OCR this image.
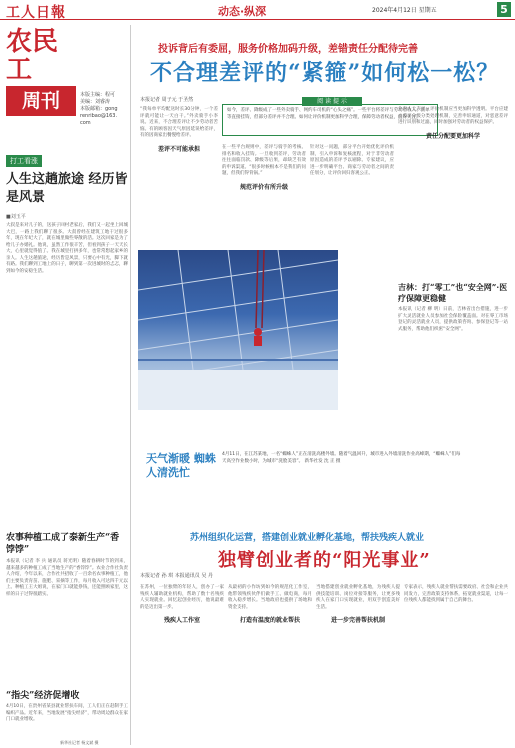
工人日報	动态·纵深	2024年4月12日 星期五	5
农民工
周刊	本版主编：程可
美编：刘睿涛
本版邮箱：gongrenribao@163.com
打工看涨
人生这趟旅途 经历皆是风景
■刘玉平
大叔是来对儿子的，送孩子回村老家后，我们又一起坐上回城大巴，一路上我们聊了很多。大叔曾经在建筑工地干过很多年，现在年纪大了，就在城里做些零散的活。这次回家是为了给儿子办婚礼。他说，虽然工作很辛苦，但看到孩子一天天长大，心里就觉得值了。我在城里打拼多年，也常常想起家乡的亲人。人生这趟旅途，经历皆是风景，只要心中有光，脚下就有路。我们聊到工地上的日子，聊到第一次进城时的忐忑，聊到如今的安稳生活。
农事种植工成了泰新生产“香饽饽”
本报讯（记者 李 兵 通讯员 蒋光明）随着春耕时节的到来，越来越多的种植工成了当地生产的“香饽饽”。农业合作社负责人介绍，今年以来，合作社共招收了一百余名农事种植工，他们主要负责育苗、施肥、采摘等工作，每月收入可达四千元以上。种植工王大姐说，在家门口就能挣钱，还能照顾家里，这样的日子过得很踏实。
“指尖”经济促增收
4月10日，在贵州省某县就业帮扶车间，工人们正在赶制手工编织产品。近年来，当地发展“指尖经济”，带动周边群众在家门口就业增收。
新华社记者 杨文斌 摄
投诉背后有委屈，服务价格加码升级，差错责任分配待完善
不合理差评的“紧箍”如何松一松？
本报记者 周子元 于圣然
如今，差评、降级成了一些外卖骑手、网约车司机的“心头之痛”。一些平台将差评与劳动者收入、派单等直接挂钩，但部分差评并不合理。如何让评价机制更加科学合理，保障劳动者权益，值得关注。
阅 读 提 示
“我每单平均配送时长30分钟，一个差评就可能让一天白干。”外卖骑手小李说。近来，不合理差评让不少劳动者苦恼。有的顾客因天气原因延误给差评，有的因商家出餐慢给差评。
差评不可能承担	在一些平台规则中，差评与骑手的考核、排名和收入挂钩。一旦收到差评，劳动者往往面临罚款、降级等后果，却缺乏有效的申诉渠道。“很多时候根本不是我们的问题，但我们得背锅。”
规范评价有所升级
针对这一问题，部分平台开始优化评价机制，引入申诉和复核流程，对于非劳动者原因造成的差评予以剔除。专家建议，应进一步明确平台、商家与劳动者之间的责任划分，让评价回归客观公正。
业内人士表示，评价机制应当更加科学透明。平台应建立差评分级分类处理机制，完善申诉通道，对恶意差评进行识别和过滤，同时加强对劳动者的权益保护。
责任分配要更加科学
天气渐暖 蜘蛛人清洗忙
4月11日，在江苏某地，一名“蜘蛛人”正在清洗高楼外墙。随着气温回升，城市进入外墙清洗作业高峰期，“蜘蛛人”们每天高空作业数小时，为城市“洗脸美容”。 新华社发 沈 正 摄
吉林：打“零工”也“安全网”·医疗保障更稳健
本报讯（记者 柳 明）日前，吉林省出台措施，进一步扩大灵活就业人员参加社会保险覆盖面。对在零工市场登记的灵活就业人员，提供政策咨询、参保登记等一站式服务，帮助他们织密“安全网”。
苏州组织化运营，搭建创业就业孵化基地，帮扶残疾人就业
独臂创业者的“阳光事业”
本报记者 孙 琪 本报通讯员 吴 丹
在苏州，一位独臂的年轻人，创办了一家残疾人辅助就业机构，帮助了数十名残疾人实现就业。回忆起创业经历，他说最难的是迈出第一步。
残疾人工作室
从最初的小作坊到如今的规范化工作室，他带领残疾伙伴们做手工、做电商，每月收入稳步增长。当地政府也提供了场地和资金支持。
打造有温度的就业帮扶
当地搭建创业就业孵化基地，为残疾人提供技能培训、岗位对接等服务，让更多残疾人在家门口实现就业，用双手创造美好生活。
进一步完善帮扶机制
专家表示，残疾人就业帮扶需要政府、社会和企业共同发力，完善政策支持体系，拓宽就业渠道，让每一位残疾人都能找到属于自己的舞台。
